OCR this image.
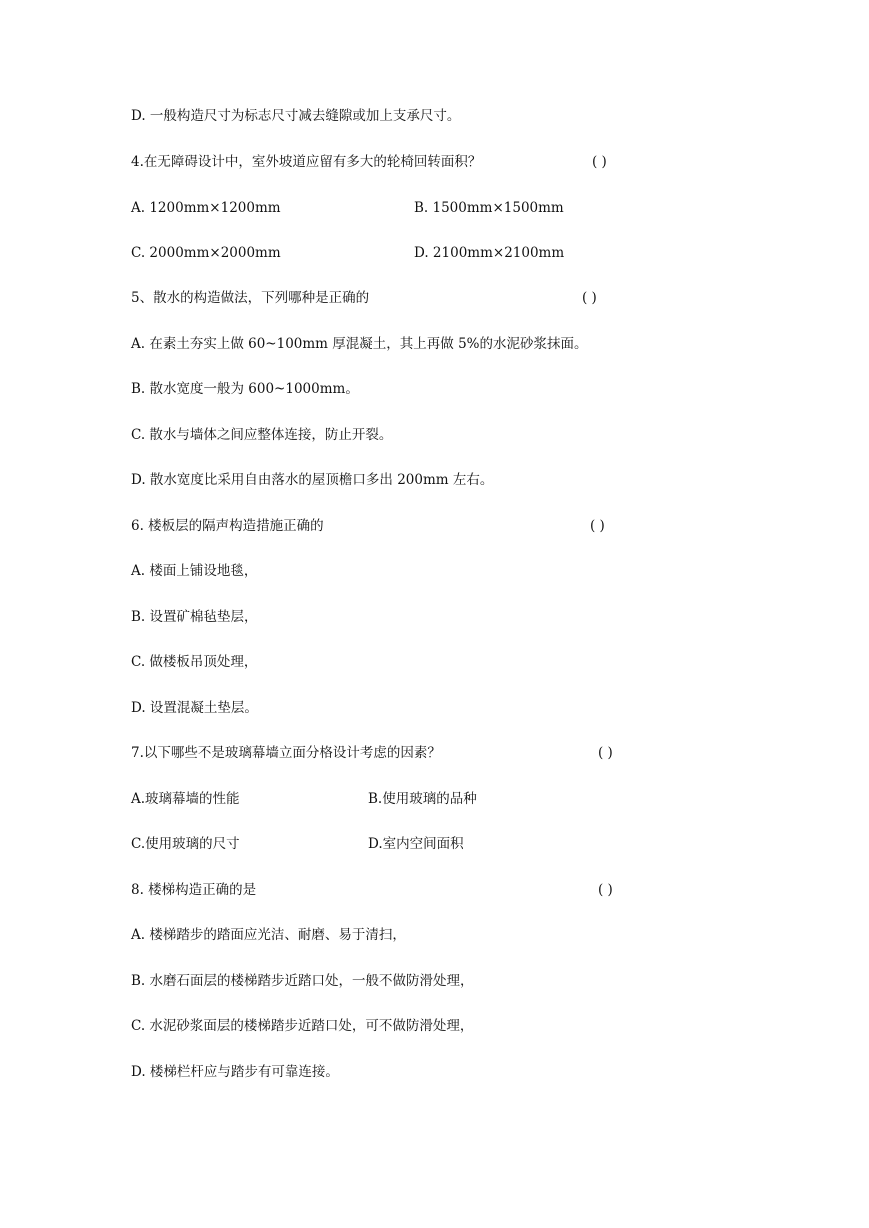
D. 一般构造尺寸为标志尺寸减去缝隙或加上支承尺寸。
4.在无障碍设计中，室外坡道应留有多大的轮椅回转面积？	( )
A. 1200mm×1200mm	B. 1500mm×1500mm
C. 2000mm×2000mm	D. 2100mm×2100mm
5、散水的构造做法，下列哪种是正确的	( )
A. 在素土夯实上做 60~100mm 厚混凝土，其上再做 5%的水泥砂浆抹面。
B. 散水宽度一般为 600~1000mm。
C. 散水与墙体之间应整体连接，防止开裂。
D. 散水宽度比采用自由落水的屋顶檐口多出 200mm 左右。
6. 楼板层的隔声构造措施正确的	( )
A. 楼面上铺设地毯，
B. 设置矿棉毡垫层，
C. 做楼板吊顶处理，
D. 设置混凝土垫层。
7.以下哪些不是玻璃幕墙立面分格设计考虑的因素？	( )
A.玻璃幕墙的性能	B.使用玻璃的品种
C.使用玻璃的尺寸	D.室内空间面积
8. 楼梯构造正确的是	( )
A. 楼梯踏步的踏面应光洁、耐磨、易于清扫，
B. 水磨石面层的楼梯踏步近踏口处，一般不做防滑处理，
C. 水泥砂浆面层的楼梯踏步近踏口处，可不做防滑处理，
D. 楼梯栏杆应与踏步有可靠连接。
